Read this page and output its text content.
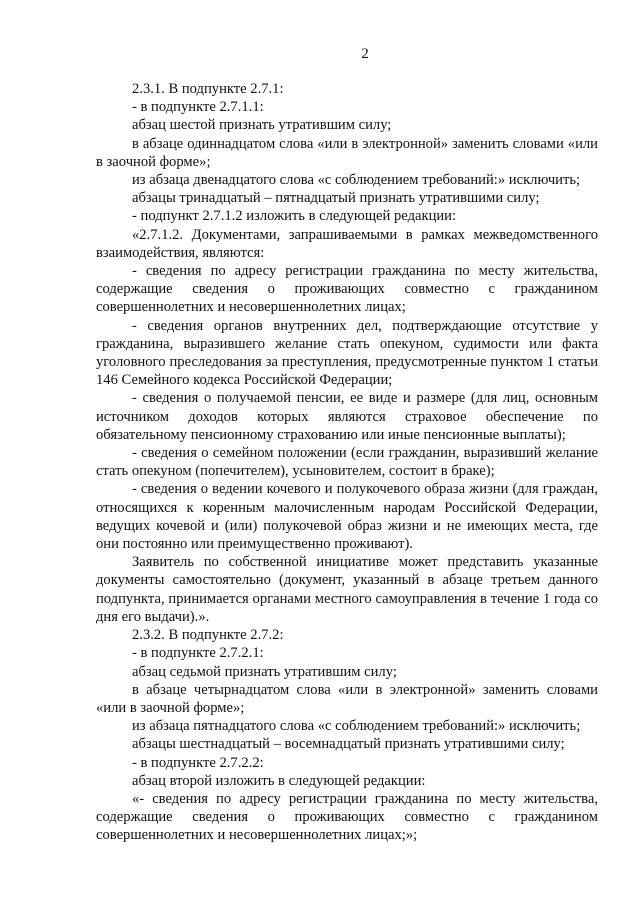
2

2.3.1. В подпункте 2.7.1:

- в подпункте 2.7.1.1:

абзац шестой признать утратившим силу;

в абзаце одиннадцатом слова «или в электронной» заменить словами «или в заочной форме»;

из абзаца двенадцатого слова «с соблюдением требований:» исключить;

абзацы тринадцатый – пятнадцатый признать утратившими силу;

- подпункт 2.7.1.2 изложить в следующей редакции:

«2.7.1.2. Документами, запрашиваемыми в рамках межведомственного взаимодействия, являются:

- сведения по адресу регистрации гражданина по месту жительства, содержащие сведения о проживающих совместно с гражданином совершеннолетних и несовершеннолетних лицах;

- сведения органов внутренних дел, подтверждающие отсутствие у гражданина, выразившего желание стать опекуном, судимости или факта уголовного преследования за преступления, предусмотренные пунктом 1 статьи 146 Семейного кодекса Российской Федерации;

- сведения о получаемой пенсии, ее виде и размере (для лиц, основным источником доходов которых являются страховое обеспечение по обязательному пенсионному страхованию или иные пенсионные выплаты);

- сведения о семейном положении (если гражданин, выразивший желание стать опекуном (попечителем), усыновителем, состоит в браке);

- сведения о ведении кочевого и полукочевого образа жизни (для граждан, относящихся к коренным малочисленным народам Российской Федерации, ведущих кочевой и (или) полукочевой образ жизни и не имеющих места, где они постоянно или преимущественно проживают).

Заявитель по собственной инициативе может представить указанные документы самостоятельно (документ, указанный в абзаце третьем данного подпункта, принимается органами местного самоуправления в течение 1 года со дня его выдачи).».

2.3.2. В подпункте 2.7.2:

- в подпункте 2.7.2.1:

абзац седьмой признать утратившим силу;

в абзаце четырнадцатом слова «или в электронной» заменить словами «или в заочной форме»;

из абзаца пятнадцатого слова «с соблюдением требований:» исключить;

абзацы шестнадцатый – восемнадцатый признать утратившими силу;

- в подпункте 2.7.2.2:

абзац второй изложить в следующей редакции:

«- сведения по адресу регистрации гражданина по месту жительства, содержащие сведения о проживающих совместно с гражданином совершеннолетних и несовершеннолетних лицах;»;
